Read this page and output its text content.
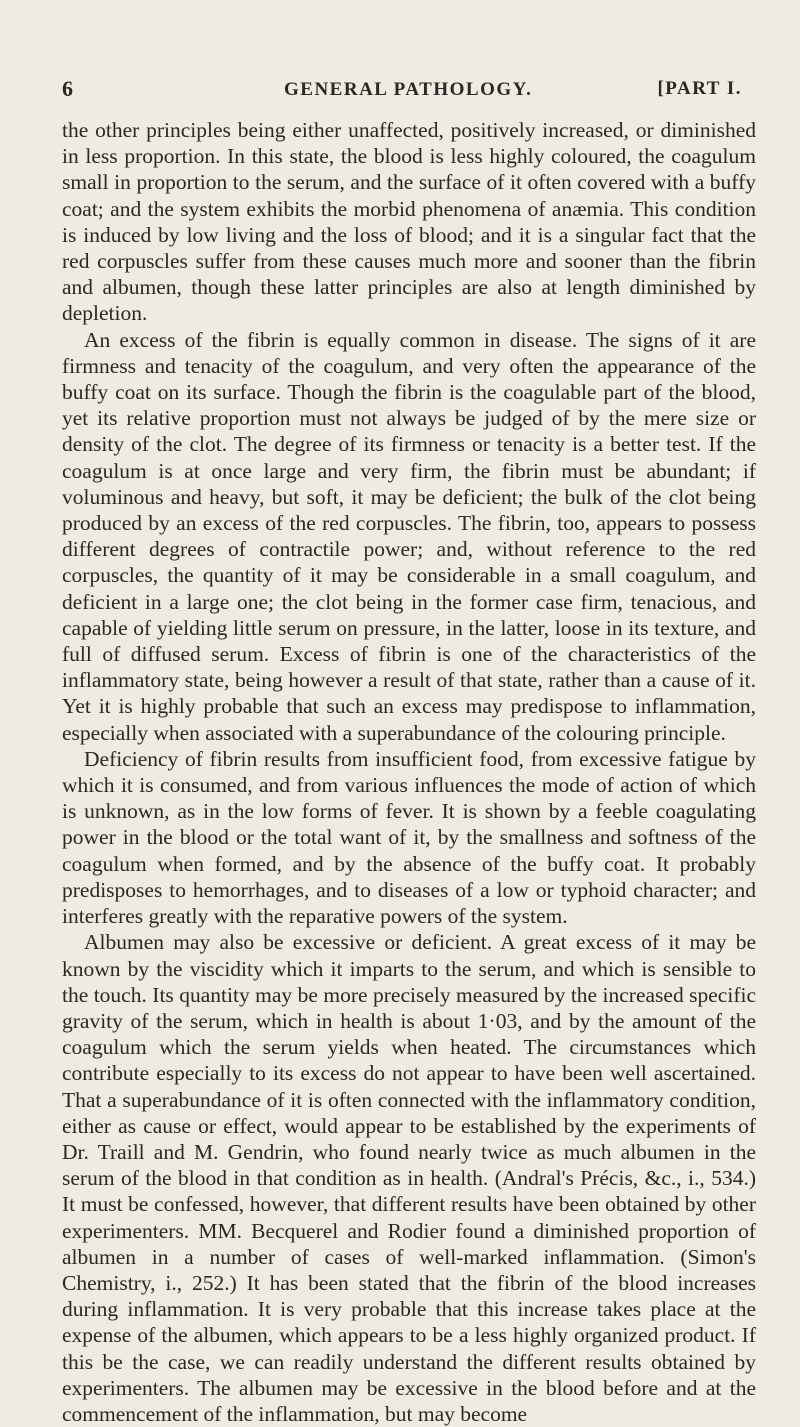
6	GENERAL PATHOLOGY.	[PART I.

the other principles being either unaffected, positively increased, or diminished in less proportion. In this state, the blood is less highly coloured, the coagulum small in proportion to the serum, and the surface of it often covered with a buffy coat; and the system exhibits the morbid phenomena of anæmia. This condition is induced by low living and the loss of blood; and it is a singular fact that the red corpuscles suffer from these causes much more and sooner than the fibrin and albumen, though these latter principles are also at length diminished by depletion.

An excess of the fibrin is equally common in disease. The signs of it are firmness and tenacity of the coagulum, and very often the appearance of the buffy coat on its surface. Though the fibrin is the coagulable part of the blood, yet its relative proportion must not always be judged of by the mere size or density of the clot. The degree of its firmness or tenacity is a better test. If the coagulum is at once large and very firm, the fibrin must be abundant; if voluminous and heavy, but soft, it may be deficient; the bulk of the clot being produced by an excess of the red corpuscles. The fibrin, too, appears to possess different degrees of contractile power; and, without reference to the red corpuscles, the quantity of it may be considerable in a small coagulum, and deficient in a large one; the clot being in the former case firm, tenacious, and capable of yielding little serum on pressure, in the latter, loose in its texture, and full of diffused serum. Excess of fibrin is one of the characteristics of the inflammatory state, being however a result of that state, rather than a cause of it. Yet it is highly probable that such an excess may predispose to inflammation, especially when associated with a superabundance of the colouring principle.

Deficiency of fibrin results from insufficient food, from excessive fatigue by which it is consumed, and from various influences the mode of action of which is unknown, as in the low forms of fever. It is shown by a feeble coagulating power in the blood or the total want of it, by the smallness and softness of the coagulum when formed, and by the absence of the buffy coat. It probably predisposes to hemorrhages, and to diseases of a low or typhoid character; and interferes greatly with the reparative powers of the system.

Albumen may also be excessive or deficient. A great excess of it may be known by the viscidity which it imparts to the serum, and which is sensible to the touch. Its quantity may be more precisely measured by the increased specific gravity of the serum, which in health is about 1·03, and by the amount of the coagulum which the serum yields when heated. The circumstances which contribute especially to its excess do not appear to have been well ascertained. That a superabundance of it is often connected with the inflammatory condition, either as cause or effect, would appear to be established by the experiments of Dr. Traill and M. Gendrin, who found nearly twice as much albumen in the serum of the blood in that condition as in health. (Andral's Précis, &c., i., 534.) It must be confessed, however, that different results have been obtained by other experimenters. MM. Becquerel and Rodier found a diminished proportion of albumen in a number of cases of well-marked inflammation. (Simon's Chemistry, i., 252.) It has been stated that the fibrin of the blood increases during inflammation. It is very probable that this increase takes place at the expense of the albumen, which appears to be a less highly organized product. If this be the case, we can readily understand the different results obtained by experimenters. The albumen may be excessive in the blood before and at the commencement of the inflammation, but may become
